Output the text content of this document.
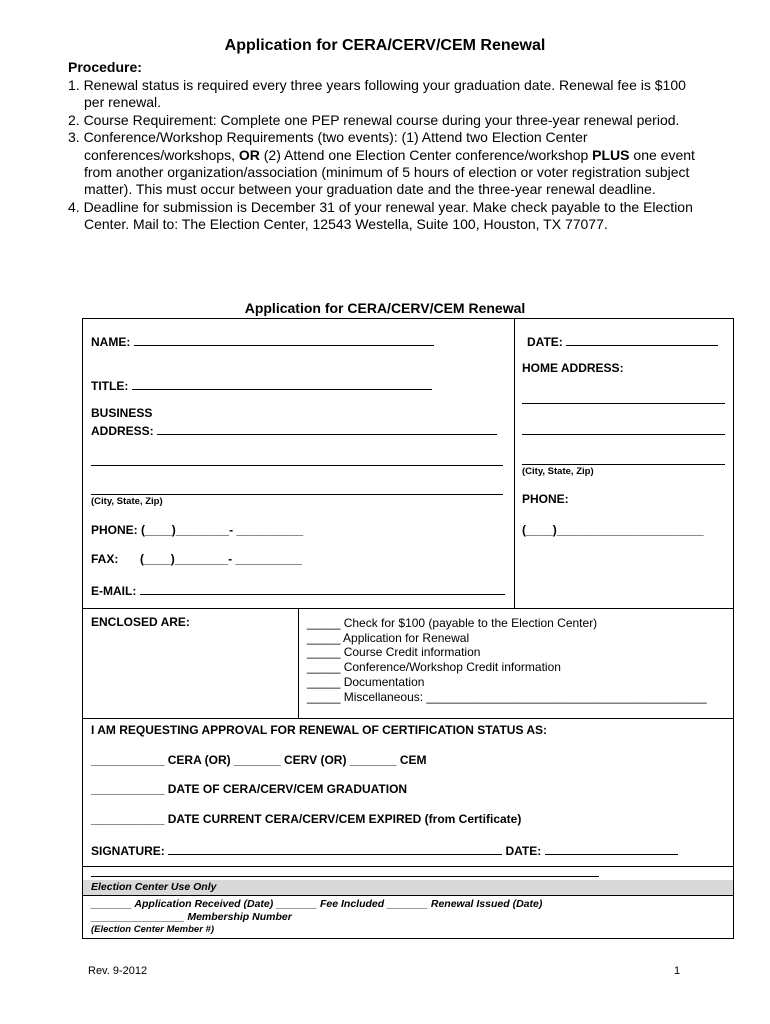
Application for CERA/CERV/CEM Renewal
Procedure:
1. Renewal status is required every three years following your graduation date. Renewal fee is $100 per renewal.
2. Course Requirement: Complete one PEP renewal course during your three-year renewal period.
3. Conference/Workshop Requirements (two events): (1) Attend two Election Center conferences/workshops, OR (2) Attend one Election Center conference/workshop PLUS one event from another organization/association (minimum of 5 hours of election or voter registration subject matter). This must occur between your graduation date and the three-year renewal deadline.
4. Deadline for submission is December 31 of your renewal year. Make check payable to the Election Center. Mail to: The Election Center, 12543 Westella, Suite 100, Houston, TX 77077.
Application for CERA/CERV/CEM Renewal
NAME:
TITLE:
BUSINESS
ADDRESS:
(City, State, Zip)
PHONE: (____)________- __________
FAX: (____)________- __________
E-MAIL:
DATE:
HOME ADDRESS:
(City, State, Zip)
PHONE:
(____)______________________
ENCLOSED ARE:	_____ Check for $100 (payable to the Election Center)
_____ Application for Renewal
_____ Course Credit information
_____ Conference/Workshop Credit information
_____ Documentation
_____ Miscellaneous: __________________________________________
I AM REQUESTING APPROVAL FOR RENEWAL OF CERTIFICATION STATUS AS:
___________ CERA (OR) _______ CERV (OR) _______ CEM
___________ DATE OF CERA/CERV/CEM GRADUATION
___________ DATE CURRENT CERA/CERV/CEM EXPIRED (from Certificate)
SIGNATURE:	DATE:
Election Center Use Only
_______ Application Received (Date) _______ Fee Included _______ Renewal Issued (Date)
________________ Membership Number
(Election Center Member #)
Rev. 9-2012	1
